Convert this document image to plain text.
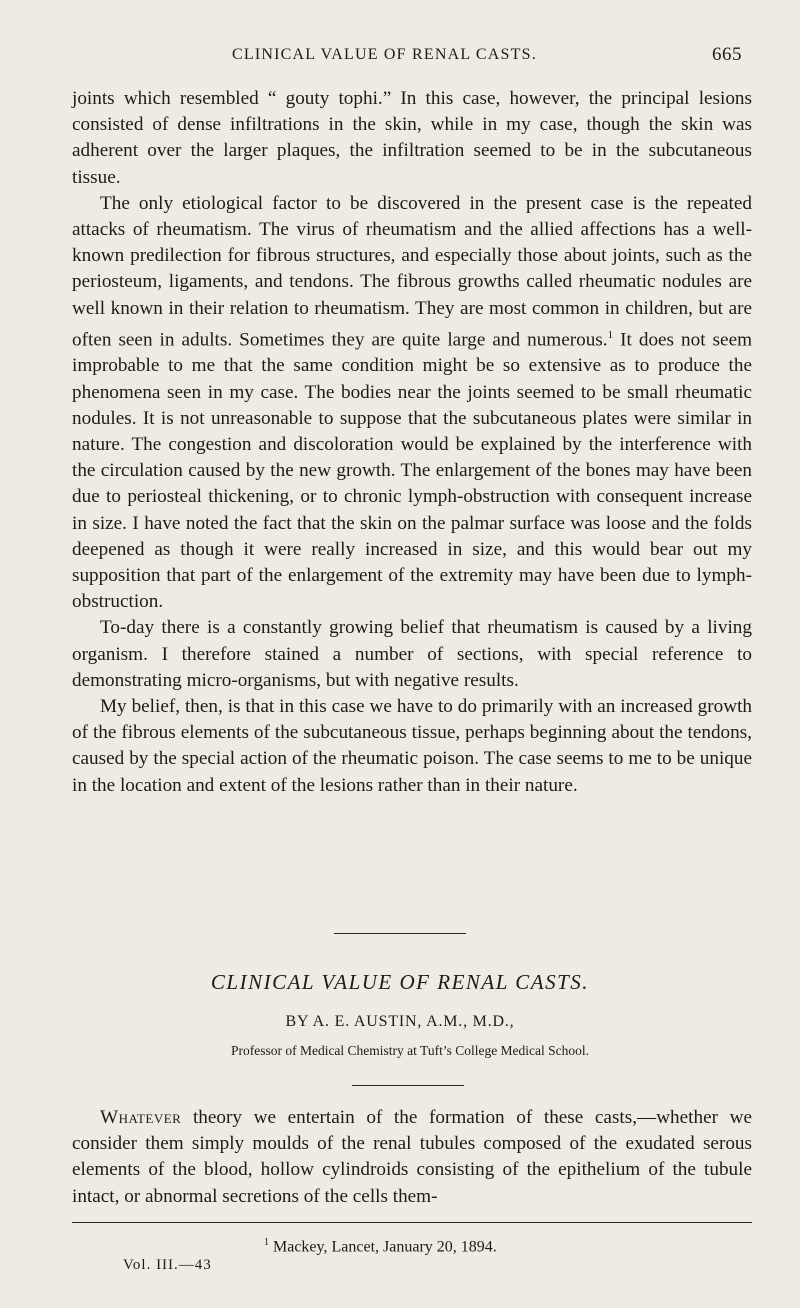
CLINICAL VALUE OF RENAL CASTS.	665

joints which resembled “ gouty tophi.” In this case, however, the principal lesions consisted of dense infiltrations in the skin, while in my case, though the skin was adherent over the larger plaques, the infiltration seemed to be in the subcutaneous tissue.

The only etiological factor to be discovered in the present case is the repeated attacks of rheumatism. The virus of rheumatism and the allied affections has a well-known predilection for fibrous structures, and especially those about joints, such as the periosteum, ligaments, and tendons. The fibrous growths called rheumatic nodules are well known in their relation to rheumatism. They are most common in children, but are often seen in adults. Sometimes they are quite large and numerous.$^1$ It does not seem improbable to me that the same condition might be so extensive as to produce the phenomena seen in my case. The bodies near the joints seemed to be small rheumatic nodules. It is not unreasonable to suppose that the subcutaneous plates were similar in nature. The congestion and discoloration would be explained by the interference with the circulation caused by the new growth. The enlargement of the bones may have been due to periosteal thickening, or to chronic lymph-obstruction with consequent increase in size. I have noted the fact that the skin on the palmar surface was loose and the folds deepened as though it were really increased in size, and this would bear out my supposition that part of the enlargement of the extremity may have been due to lymph-obstruction.

To-day there is a constantly growing belief that rheumatism is caused by a living organism. I therefore stained a number of sections, with special reference to demonstrating micro-organisms, but with negative results.

My belief, then, is that in this case we have to do primarily with an increased growth of the fibrous elements of the subcutaneous tissue, perhaps beginning about the tendons, caused by the special action of the rheumatic poison. The case seems to me to be unique in the location and extent of the lesions rather than in their nature.

CLINICAL VALUE OF RENAL CASTS.
BY A. E. AUSTIN, A.M., M.D.,
Professor of Medical Chemistry at Tuft’s College Medical School.

Whatever theory we entertain of the formation of these casts,—whether we consider them simply moulds of the renal tubules composed of the exudated serous elements of the blood, hollow cylindroids consisting of the epithelium of the tubule intact, or abnormal secretions of the cells them-

$^1$ Mackey, Lancet, January 20, 1894.
Vol. III.—43
